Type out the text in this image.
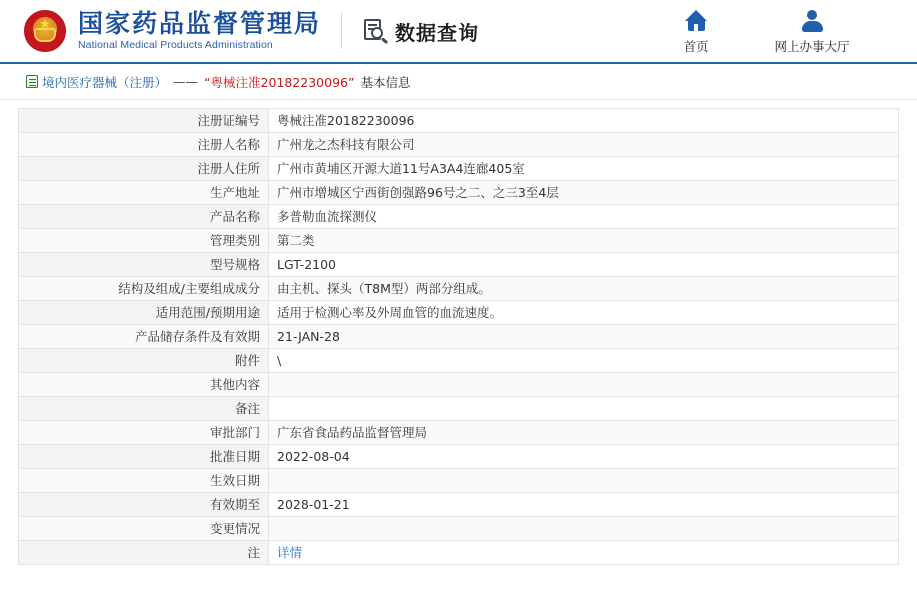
★ 国家药品监督管理局
National Medical Products Administration
数据查询
首页	网上办事大厅
境内医疗器械（注册） —— “粤械注准20182230096” 基本信息
注册证编号	粤械注准20182230096
注册人名称	广州龙之杰科技有限公司
注册人住所	广州市黄埔区开源大道11号A3A4连廊405室
生产地址	广州市增城区宁西街创强路96号之二、之三3至4层
产品名称	多普勒血流探测仪
管理类别	第二类
型号规格	LGT-2100
结构及组成/主要组成成分	由主机、探头（T8M型）两部分组成。
适用范围/预期用途	适用于检测心率及外周血管的血流速度。
产品储存条件及有效期	21-JAN-28
附件	\
其他内容	
备注	
审批部门	广东省食品药品监督管理局
批准日期	2022-08-04
生效日期	
有效期至	2028-01-21
变更情况	
注	详情
